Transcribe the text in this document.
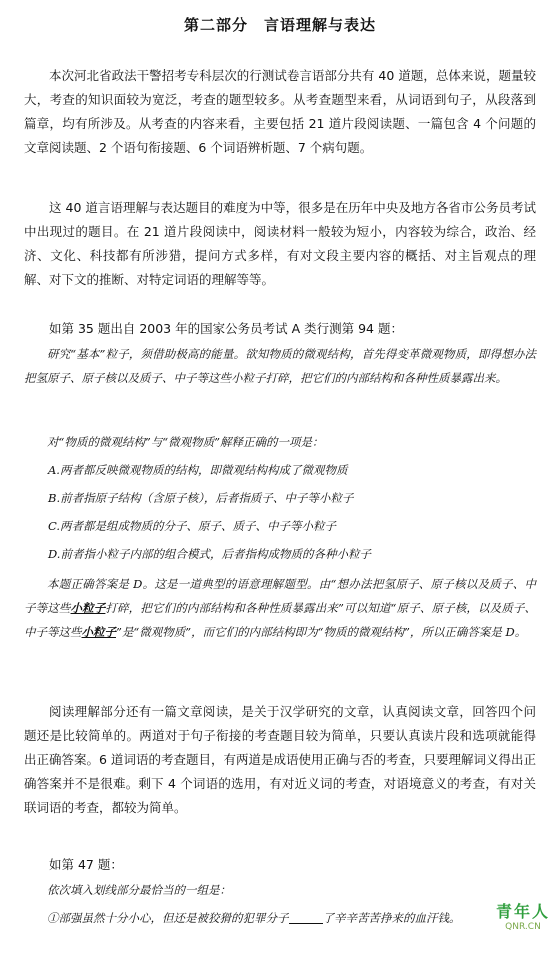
第二部分　言语理解与表达
本次河北省政法干警招考专科层次的行测试卷言语部分共有 40 道题，总体来说，题量较大，考查的知识面较为宽泛，考查的题型较多。从考查题型来看，从词语到句子，从段落到篇章，均有所涉及。从考查的内容来看，主要包括 21 道片段阅读题、一篇包含 4 个问题的文章阅读题、2 个语句衔接题、6 个词语辨析题、7 个病句题。
这 40 道言语理解与表达题目的难度为中等，很多是在历年中央及地方各省市公务员考试中出现过的题目。在 21 道片段阅读中，阅读材料一般较为短小，内容较为综合，政治、经济、文化、科技都有所涉猎，提问方式多样，有对文段主要内容的概括、对主旨观点的理解、对下文的推断、对特定词语的理解等等。
如第 35 题出自 2003 年的国家公务员考试 A 类行测第 94 题：
研究“基本”粒子，须借助极高的能量。欲知物质的微观结构，首先得变革微观物质，即得想办法把氢原子、原子核以及质子、中子等这些小粒子打碎，把它们的内部结构和各种性质暴露出来。
对“物质的微观结构”与“微观物质”解释正确的一项是：
A.两者都反映微观物质的结构，即微观结构构成了微观物质
B.前者指原子结构（含原子核），后者指质子、中子等小粒子
C.两者都是组成物质的分子、原子、质子、中子等小粒子
D.前者指小粒子内部的组合模式，后者指构成物质的各种小粒子
本题正确答案是 D。这是一道典型的语意理解题型。由“想办法把氢原子、原子核以及质子、中子等这些小粒子打碎，把它们的内部结构和各种性质暴露出来”可以知道“原子、原子核，以及质子、中子等这些小粒子”是“微观物质”，而它们的内部结构即为“物质的微观结构”，所以正确答案是 D。
阅读理解部分还有一篇文章阅读，是关于汉学研究的文章，认真阅读文章，回答四个问题还是比较简单的。两道对于句子衔接的考查题目较为简单，只要认真读片段和选项就能得出正确答案。6 道词语的考查题目，有两道是成语使用正确与否的考查，只要理解词义得出正确答案并不是很难。剩下 4 个词语的选用，有对近义词的考查，对语境意义的考查，有对关联词语的考查，都较为简单。
如第 47 题：
依次填入划线部分最恰当的一组是：
①部强虽然十分小心，但还是被狡猾的犯罪分子	了辛辛苦苦挣来的血汗钱。	青年人
QNR.CN
